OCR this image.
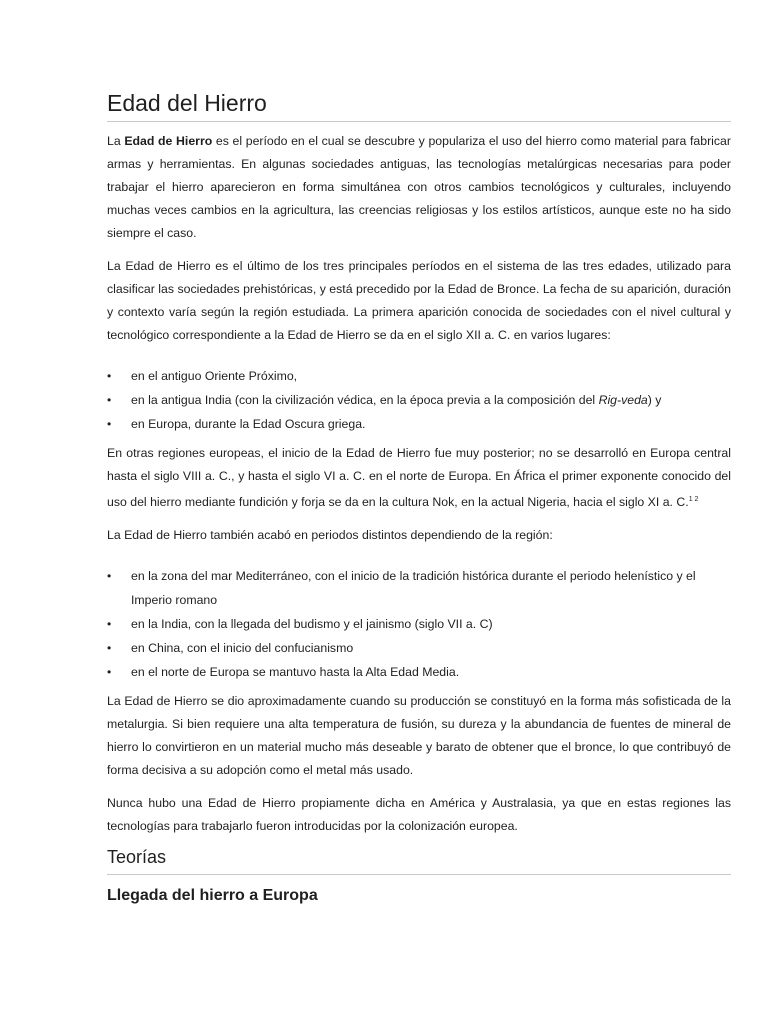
Edad del Hierro

La Edad de Hierro es el período en el cual se descubre y populariza el uso del hierro como material para fabricar armas y herramientas. En algunas sociedades antiguas, las tecnologías metalúrgicas necesarias para poder trabajar el hierro aparecieron en forma simultánea con otros cambios tecnológicos y culturales, incluyendo muchas veces cambios en la agricultura, las creencias religiosas y los estilos artísticos, aunque este no ha sido siempre el caso.

La Edad de Hierro es el último de los tres principales períodos en el sistema de las tres edades, utilizado para clasificar las sociedades prehistóricas, y está precedido por la Edad de Bronce. La fecha de su aparición, duración y contexto varía según la región estudiada. La primera aparición conocida de sociedades con el nivel cultural y tecnológico correspondiente a la Edad de Hierro se da en el siglo XII a. C. en varios lugares:

• en el antiguo Oriente Próximo,
• en la antigua India (con la civilización védica, en la época previa a la composición del Rig-veda) y
• en Europa, durante la Edad Oscura griega.

En otras regiones europeas, el inicio de la Edad de Hierro fue muy posterior; no se desarrolló en Europa central hasta el siglo VIII a. C., y hasta el siglo VI a. C. en el norte de Europa. En África el primer exponente conocido del uso del hierro mediante fundición y forja se da en la cultura Nok, en la actual Nigeria, hacia el siglo XI a. C.$^{1 2}$

La Edad de Hierro también acabó en periodos distintos dependiendo de la región:

• en la zona del mar Mediterráneo, con el inicio de la tradición histórica durante el periodo helenístico y el Imperio romano
• en la India, con la llegada del budismo y el jainismo (siglo VII a. C)
• en China, con el inicio del confucianismo
• en el norte de Europa se mantuvo hasta la Alta Edad Media.

La Edad de Hierro se dio aproximadamente cuando su producción se constituyó en la forma más sofisticada de la metalurgia. Si bien requiere una alta temperatura de fusión, su dureza y la abundancia de fuentes de mineral de hierro lo convirtieron en un material mucho más deseable y barato de obtener que el bronce, lo que contribuyó de forma decisiva a su adopción como el metal más usado.

Nunca hubo una Edad de Hierro propiamente dicha en América y Australasia, ya que en estas regiones las tecnologías para trabajarlo fueron introducidas por la colonización europea.

Teorías
Llegada del hierro a Europa
